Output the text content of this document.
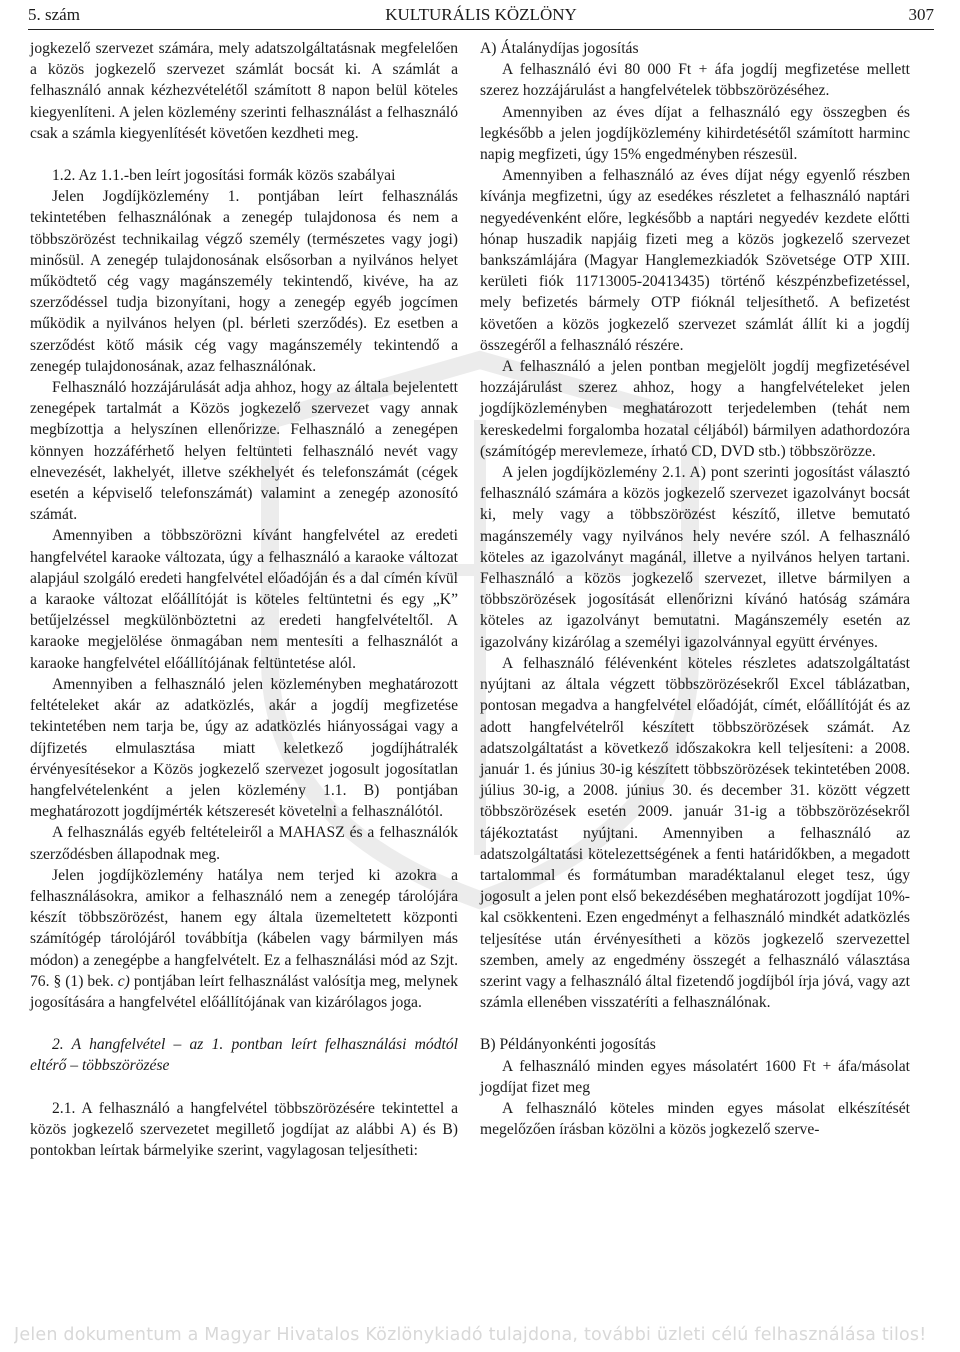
5. szám	KULTURÁLIS KÖZLÖNY	307

jogkezelő szervezet számára, mely adatszolgáltatásnak megfelelően a közös jogkezelő szervezet számlát bocsát ki. A számlát a felhasználó annak kézhezvételétől számított 8 napon belül köteles kiegyenlíteni. A jelen közlemény szerinti felhasználást a felhasználó csak a számla kiegyenlítését követően kezdheti meg.

1.2. Az 1.1.-ben leírt jogosítási formák közös szabályai

Jelen Jogdíjközlemény 1. pontjában leírt felhasználás tekintetében felhasználónak a zenegép tulajdonosa és nem a többszörözést technikailag végző személy (természetes vagy jogi) minősül. A zenegép tulajdonosának elsősorban a nyilvános helyet működtető cég vagy magánszemély tekintendő, kivéve, ha az szerződéssel tudja bizonyítani, hogy a zenegép egyéb jogcímen működik a nyilvános helyen (pl. bérleti szerződés). Ez esetben a szerződést kötő másik cég vagy magánszemély tekintendő a zenegép tulajdonosának, azaz felhasználónak.

Felhasználó hozzájárulását adja ahhoz, hogy az általa bejelentett zenegépek tartalmát a Közös jogkezelő szervezet vagy annak megbízottja a helyszínen ellenőrizze. Felhasználó a zenegépen könnyen hozzáférhető helyen feltünteti felhasználó nevét vagy elnevezését, lakhelyét, illetve székhelyét és telefonszámát (cégek esetén a képviselő telefonszámát) valamint a zenegép azonosító számát.

Amennyiben a többszörözni kívánt hangfelvétel az eredeti hangfelvétel karaoke változata, úgy a felhasználó a karaoke változat alapjául szolgáló eredeti hangfelvétel előadóján és a dal címén kívül a karaoke változat előállítóját is köteles feltüntetni és egy „K” betűjelzéssel megkülönböztetni az eredeti hangfelvételtől. A karaoke megjelölése önmagában nem mentesíti a felhasználót a karaoke hangfelvétel előállítójának feltüntetése alól.

Amennyiben a felhasználó jelen közleményben meghatározott feltételeket akár az adatközlés, akár a jogdíj megfizetése tekintetében nem tarja be, úgy az adatközlés hiányosságai vagy a díjfizetés elmulasztása miatt keletkező jogdíjhátralék érvényesítésekor a Közös jogkezelő szervezet jogosult jogosítatlan hangfelvételenként a jelen közlemény 1.1. B) pontjában meghatározott jogdíjmérték kétszeresét követelni a felhasználótól.

A felhasználás egyéb feltételeiről a MAHASZ és a felhasználók szerződésben állapodnak meg.

Jelen jogdíjközlemény hatálya nem terjed ki azokra a felhasználásokra, amikor a felhasználó nem a zenegép tárolójára készít többszörözést, hanem egy általa üzemeltetett központi számítógép tárolójáról továbbítja (kábelen vagy bármilyen más módon) a zenegépbe a hangfelvételt. Ez a felhasználási mód az Szjt. 76. § (1) bek. c) pontjában leírt felhasználást valósítja meg, melynek jogosítására a hangfelvétel előállítójának van kizárólagos joga.

2. A hangfelvétel – az 1. pontban leírt felhasználási módtól eltérő – többszörözése

2.1. A felhasználó a hangfelvétel többszörözésére tekintettel a közös jogkezelő szervezetet megillető jogdíjat az alábbi A) és B) pontokban leírtak bármelyike szerint, vagylagosan teljesítheti:

A) Átalánydíjas jogosítás

A felhasználó évi 80 000 Ft + áfa jogdíj megfizetése mellett szerez hozzájárulást a hangfelvételek többszörözéséhez.

Amennyiben az éves díjat a felhasználó egy összegben és legkésőbb a jelen jogdíjközlemény kihirdetésétől számított harminc napig megfizeti, úgy 15% engedményben részesül.

Amennyiben a felhasználó az éves díjat négy egyenlő részben kívánja megfizetni, úgy az esedékes részletet a felhasználó naptári negyedévenként előre, legkésőbb a naptári negyedév kezdete előtti hónap huszadik napjáig fizeti meg a közös jogkezelő szervezet bankszámlájára (Magyar Hanglemezkiadók Szövetsége OTP XIII. kerületi fiók 11713005-20413435) történő készpénzbefizetéssel, mely befizetés bármely OTP fióknál teljesíthető. A befizetést követően a közös jogkezelő szervezet számlát állít ki a jogdíj összegéről a felhasználó részére.

A felhasználó a jelen pontban megjelölt jogdíj megfizetésével hozzájárulást szerez ahhoz, hogy a hangfelvételeket jelen jogdíjközleményben meghatározott terjedelemben (tehát nem kereskedelmi forgalomba hozatal céljából) bármilyen adathordozóra (számítógép merevlemeze, írható CD, DVD stb.) többszörözze.

A jelen jogdíjközlemény 2.1. A) pont szerinti jogosítást választó felhasználó számára a közös jogkezelő szervezet igazolványt bocsát ki, mely vagy a többszörözést készítő, illetve bemutató magánszemély vagy nyilvános hely nevére szól. A felhasználó köteles az igazolványt magánál, illetve a nyilvános helyen tartani. Felhasználó a közös jogkezelő szervezet, illetve bármilyen a többszörözések jogosítását ellenőrizni kívánó hatóság számára köteles az igazolványt bemutatni. Magánszemély esetén az igazolvány kizárólag a személyi igazolvánnyal együtt érvényes.

A felhasználó félévenként köteles részletes adatszolgáltatást nyújtani az általa végzett többszörözésekről Excel táblázatban, pontosan megadva a hangfelvétel előadóját, címét, előállítóját és az adott hangfelvételről készített többszörözések számát. Az adatszolgáltatást a következő időszakokra kell teljesíteni: a 2008. január 1. és június 30-ig készített többszörözések tekintetében 2008. július 30-ig, a 2008. június 30. és december 31. között végzett többszörözések esetén 2009. január 31-ig a többszörözésekről tájékoztatást nyújtani. Amennyiben a felhasználó az adatszolgáltatási kötelezettségének a fenti határidőkben, a megadott tartalommal és formátumban maradéktalanul eleget tesz, úgy jogosult a jelen pont első bekezdésében meghatározott jogdíjat 10%-kal csökkenteni. Ezen engedményt a felhasználó mindkét adatközlés teljesítése után érvényesítheti a közös jogkezelő szervezettel szemben, amely az engedmény összegét a felhasználó választása szerint vagy a felhasználó által fizetendő jogdíjból írja jóvá, vagy azt számla ellenében visszatéríti a felhasználónak.

B) Példányonkénti jogosítás

A felhasználó minden egyes másolatért 1600 Ft + áfa/másolat jogdíjat fizet meg

A felhasználó köteles minden egyes másolat elkészítését megelőzően írásban közölni a közös jogkezelő szerve-

Jelen dokumentum a Magyar Hivatalos Közlönykiadó tulajdona, további üzleti célú felhasználása tilos!
